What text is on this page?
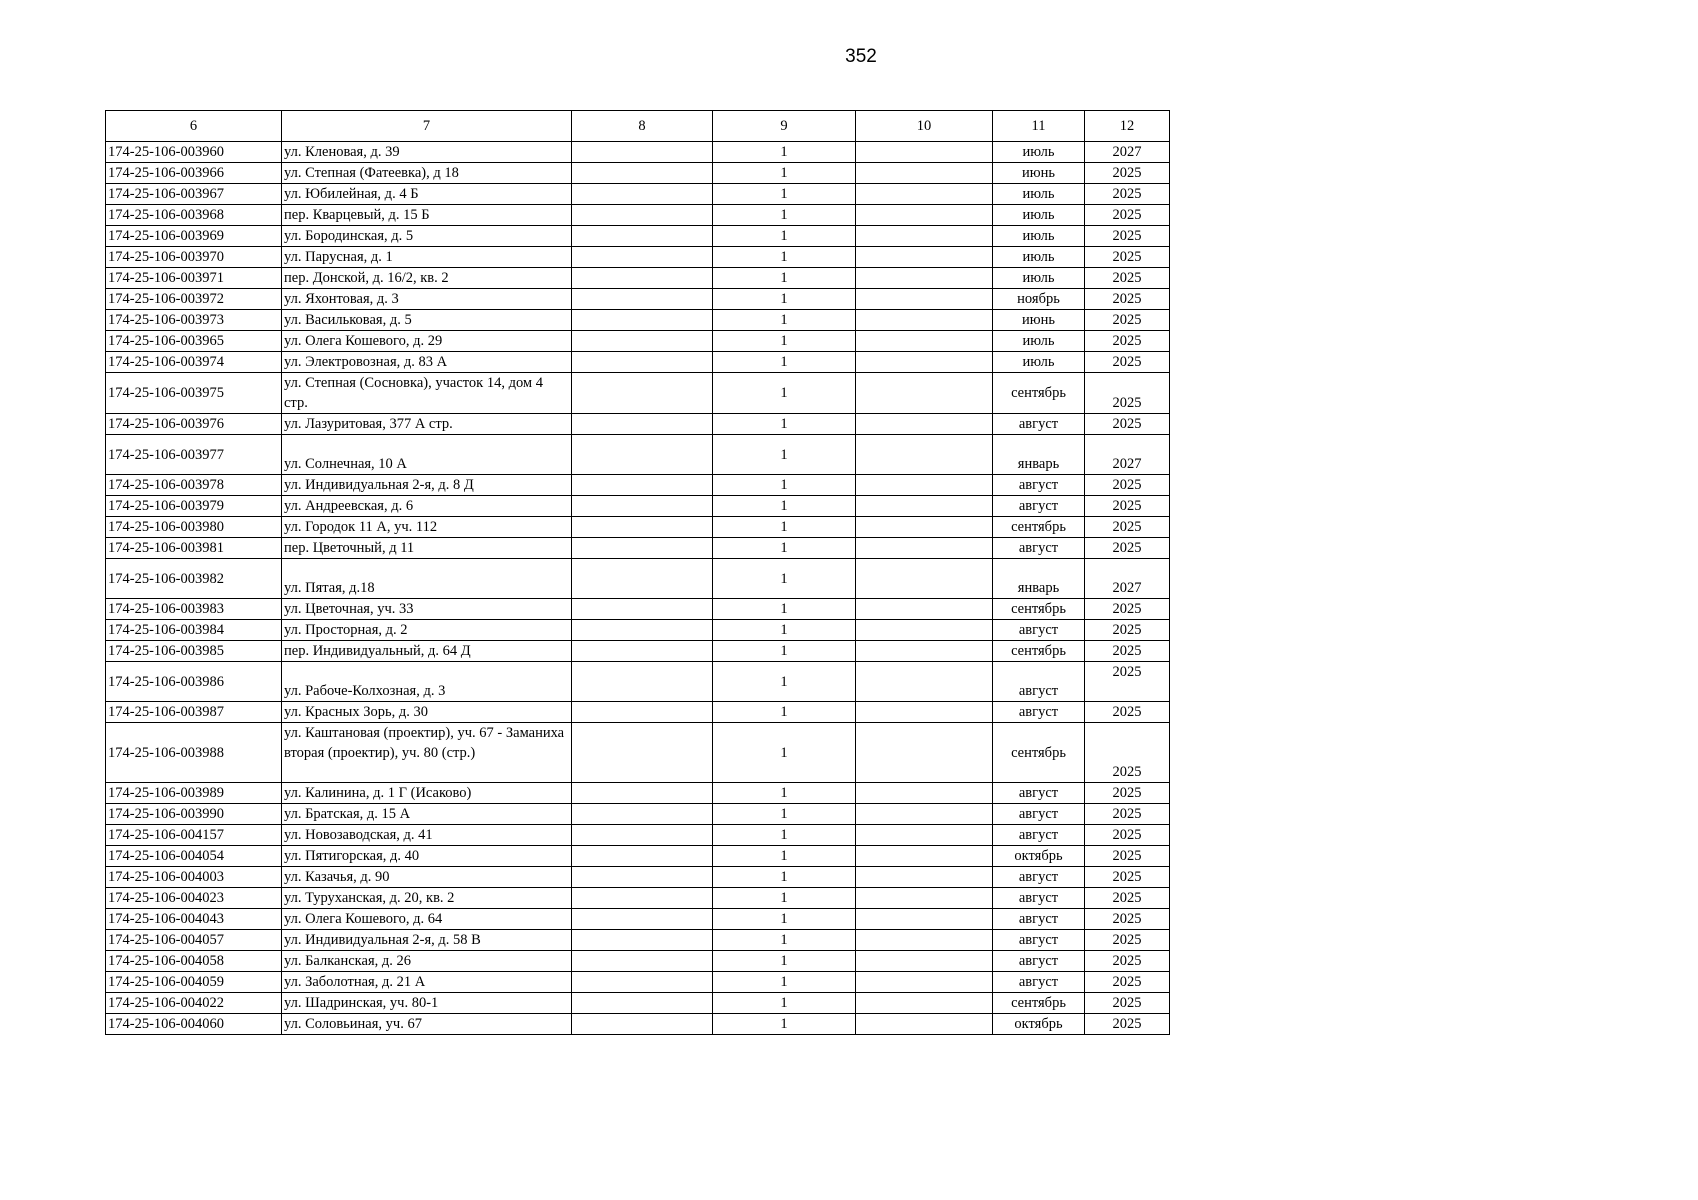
352
6	7	8	9	10	11	12
174-25-106-003960	ул. Кленовая, д. 39		1		июль	2027
174-25-106-003966	ул. Степная (Фатеевка), д 18		1		июнь	2025
174-25-106-003967	ул. Юбилейная, д. 4 Б		1		июль	2025
174-25-106-003968	пер. Кварцевый, д. 15 Б		1		июль	2025
174-25-106-003969	ул. Бородинская, д. 5		1		июль	2025
174-25-106-003970	ул. Парусная, д. 1		1		июль	2025
174-25-106-003971	пер. Донской, д. 16/2, кв. 2		1		июль	2025
174-25-106-003972	ул. Яхонтовая, д. 3		1		ноябрь	2025
174-25-106-003973	ул. Васильковая, д. 5		1		июнь	2025
174-25-106-003965	ул. Олега Кошевого, д. 29		1		июль	2025
174-25-106-003974	ул. Электровозная, д. 83 А		1		июль	2025
174-25-106-003975	ул. Степная (Сосновка), участок 14, дом 4 стр.		1		сентябрь	2025
174-25-106-003976	ул. Лазуритовая, 377 А стр.		1		август	2025
174-25-106-003977	ул. Солнечная, 10 А		1		январь	2027
174-25-106-003978	ул. Индивидуальная 2-я, д. 8 Д		1		август	2025
174-25-106-003979	ул. Андреевская, д. 6		1		август	2025
174-25-106-003980	ул. Городок 11 А, уч. 112		1		сентябрь	2025
174-25-106-003981	пер. Цветочный, д 11		1		август	2025
174-25-106-003982	ул. Пятая, д.18		1		январь	2027
174-25-106-003983	ул. Цветочная, уч. 33		1		сентябрь	2025
174-25-106-003984	ул. Просторная, д. 2		1		август	2025
174-25-106-003985	пер. Индивидуальный, д. 64 Д		1		сентябрь	2025
174-25-106-003986	ул. Рабоче-Колхозная, д. 3		1		август	2025
174-25-106-003987	ул. Красных Зорь, д. 30		1		август	2025
174-25-106-003988	ул. Каштановая (проектир), уч. 67 - Заманиха вторая (проектир), уч. 80 (стр.)		1		сентябрь	2025
174-25-106-003989	ул. Калинина, д. 1 Г (Исаково)		1		август	2025
174-25-106-003990	ул. Братская, д. 15 А		1		август	2025
174-25-106-004157	ул. Новозаводская, д. 41		1		август	2025
174-25-106-004054	ул. Пятигорская, д. 40		1		октябрь	2025
174-25-106-004003	ул. Казачья, д. 90		1		август	2025
174-25-106-004023	ул. Туруханская, д. 20, кв. 2		1		август	2025
174-25-106-004043	ул. Олега Кошевого, д. 64		1		август	2025
174-25-106-004057	ул. Индивидуальная 2-я, д. 58 В		1		август	2025
174-25-106-004058	ул. Балканская, д. 26		1		август	2025
174-25-106-004059	ул. Заболотная, д. 21 А		1		август	2025
174-25-106-004022	ул. Шадринская, уч. 80-1		1		сентябрь	2025
174-25-106-004060	ул. Соловьиная, уч. 67		1		октябрь	2025
